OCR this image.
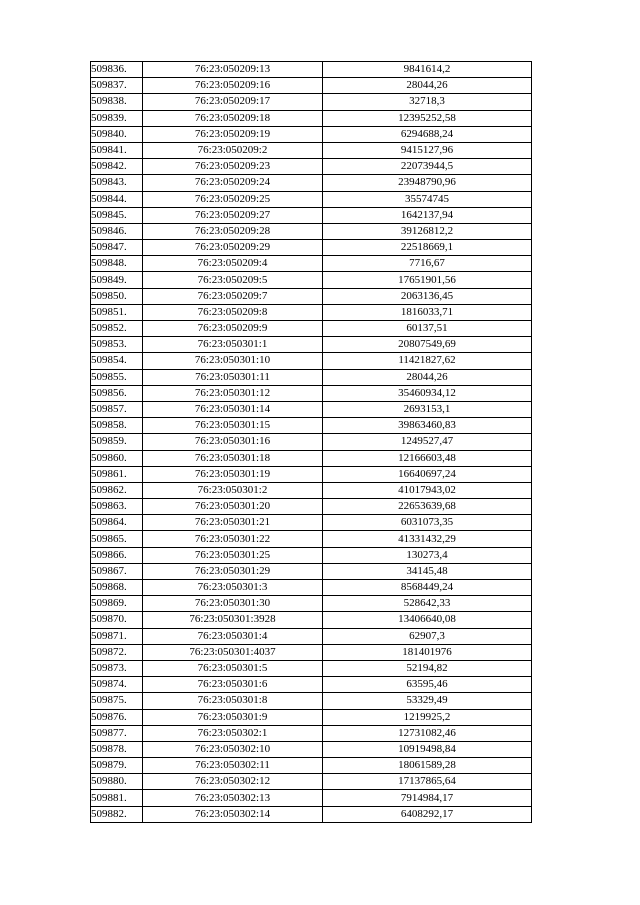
509836.	76:23:050209:13	9841614,2
509837.	76:23:050209:16	28044,26
509838.	76:23:050209:17	32718,3
509839.	76:23:050209:18	12395252,58
509840.	76:23:050209:19	6294688,24
509841.	76:23:050209:2	9415127,96
509842.	76:23:050209:23	22073944,5
509843.	76:23:050209:24	23948790,96
509844.	76:23:050209:25	35574745
509845.	76:23:050209:27	1642137,94
509846.	76:23:050209:28	39126812,2
509847.	76:23:050209:29	22518669,1
509848.	76:23:050209:4	7716,67
509849.	76:23:050209:5	17651901,56
509850.	76:23:050209:7	2063136,45
509851.	76:23:050209:8	1816033,71
509852.	76:23:050209:9	60137,51
509853.	76:23:050301:1	20807549,69
509854.	76:23:050301:10	11421827,62
509855.	76:23:050301:11	28044,26
509856.	76:23:050301:12	35460934,12
509857.	76:23:050301:14	2693153,1
509858.	76:23:050301:15	39863460,83
509859.	76:23:050301:16	1249527,47
509860.	76:23:050301:18	12166603,48
509861.	76:23:050301:19	16640697,24
509862.	76:23:050301:2	41017943,02
509863.	76:23:050301:20	22653639,68
509864.	76:23:050301:21	6031073,35
509865.	76:23:050301:22	41331432,29
509866.	76:23:050301:25	130273,4
509867.	76:23:050301:29	34145,48
509868.	76:23:050301:3	8568449,24
509869.	76:23:050301:30	528642,33
509870.	76:23:050301:3928	13406640,08
509871.	76:23:050301:4	62907,3
509872.	76:23:050301:4037	181401976
509873.	76:23:050301:5	52194,82
509874.	76:23:050301:6	63595,46
509875.	76:23:050301:8	53329,49
509876.	76:23:050301:9	1219925,2
509877.	76:23:050302:1	12731082,46
509878.	76:23:050302:10	10919498,84
509879.	76:23:050302:11	18061589,28
509880.	76:23:050302:12	17137865,64
509881.	76:23:050302:13	7914984,17
509882.	76:23:050302:14	6408292,17
